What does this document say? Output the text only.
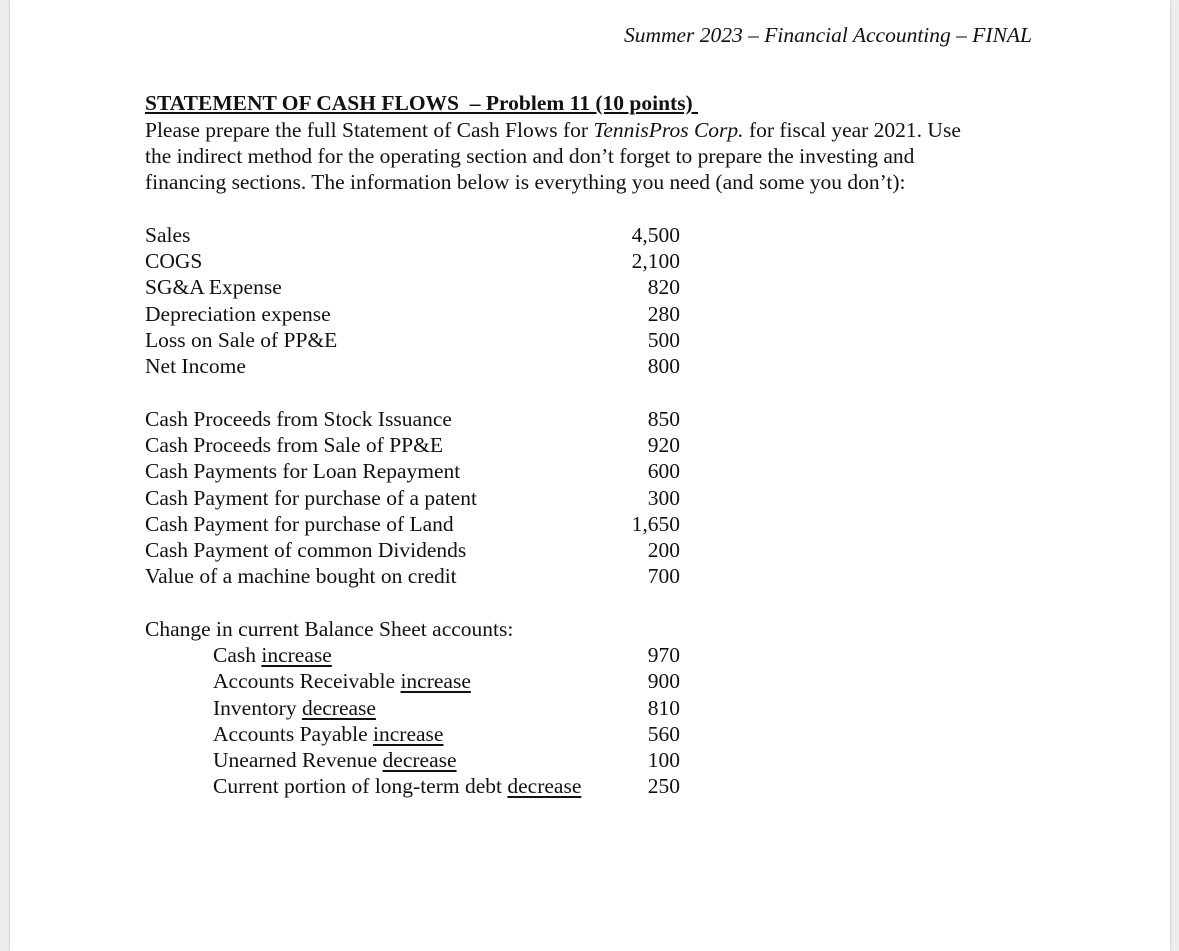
Summer 2023 – Financial Accounting – FINAL
STATEMENT OF CASH FLOWS  – Problem 11 (10 points)
Please prepare the full Statement of Cash Flows for TennisPros Corp. for fiscal year 2021. Use
the indirect method for the operating section and don’t forget to prepare the investing and
financing sections. The information below is everything you need (and some you don’t):
Sales	4,500
COGS	2,100
SG&A Expense	820
Depreciation expense	280
Loss on Sale of PP&E	500
Net Income	800
Cash Proceeds from Stock Issuance	850
Cash Proceeds from Sale of PP&E	920
Cash Payments for Loan Repayment	600
Cash Payment for purchase of a patent	300
Cash Payment for purchase of Land	1,650
Cash Payment of common Dividends	200
Value of a machine bought on credit	700
Change in current Balance Sheet accounts:
Cash increase	970
Accounts Receivable increase	900
Inventory decrease	810
Accounts Payable increase	560
Unearned Revenue decrease	100
Current portion of long-term debt decrease	250
